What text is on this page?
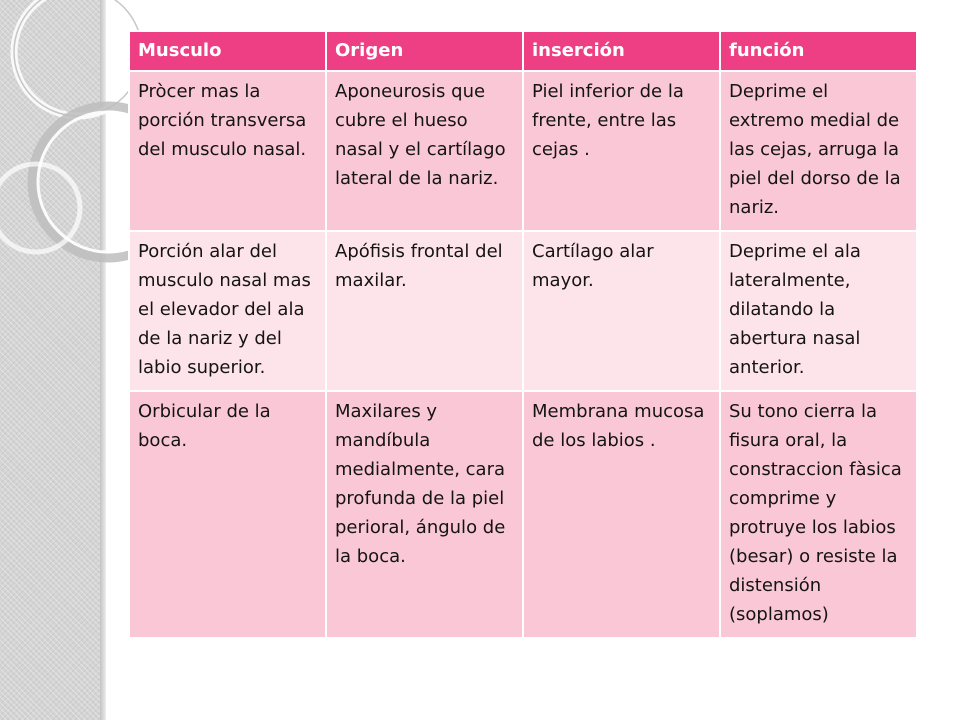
Musculo	Origen	inserción	función
Pròcer mas la porción transversa del musculo nasal.	Aponeurosis que cubre el hueso nasal y el cartílago lateral de la nariz.	Piel inferior de la frente, entre las cejas .	Deprime el extremo medial de las cejas, arruga la piel del dorso de la nariz.
Porción alar del musculo nasal mas el elevador del ala de la nariz y del labio superior.	Apófisis frontal del maxilar.	Cartílago alar mayor.	Deprime el ala lateralmente, dilatando la abertura nasal anterior.
Orbicular de la boca.	Maxilares y mandíbula medialmente, cara profunda de la piel perioral, ángulo de la boca.	Membrana mucosa de los labios .	Su tono cierra la fisura oral, la constraccion fàsica comprime y protruye los labios (besar) o resiste la distensión (soplamos)
